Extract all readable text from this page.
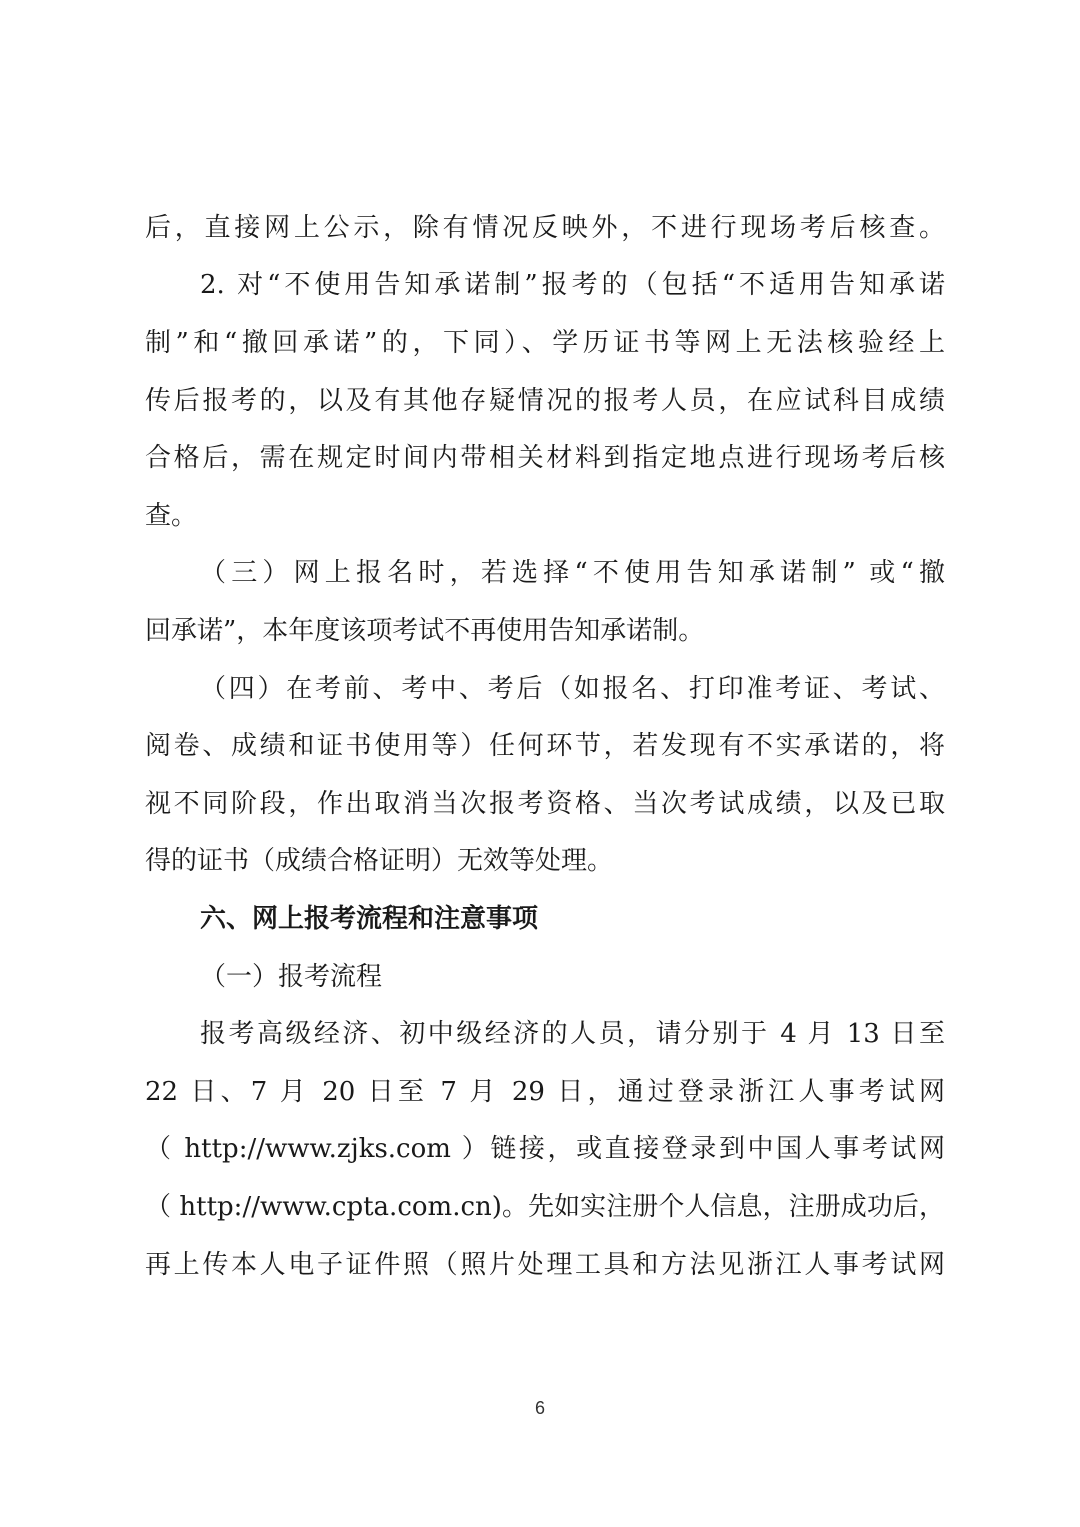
后，直接网上公示，除有情况反映外，不进行现场考后核查。
2. 对“不使用告知承诺制”报考的（包括“不适用告知承诺
制”和“撤回承诺”的，下同）、学历证书等网上无法核验经上
传后报考的，以及有其他存疑情况的报考人员，在应试科目成绩
合格后，需在规定时间内带相关材料到指定地点进行现场考后核
查。
（三）网上报名时，若选择“不使用告知承诺制” 或“撤
回承诺”，本年度该项考试不再使用告知承诺制。
（四）在考前、考中、考后（如报名、打印准考证、考试、
阅卷、成绩和证书使用等）任何环节，若发现有不实承诺的，将
视不同阶段，作出取消当次报考资格、当次考试成绩，以及已取
得的证书（成绩合格证明）无效等处理。
六、网上报考流程和注意事项
（一）报考流程
报考高级经济、初中级经济的人员，请分别于 4 月 13 日至
22 日、7 月 20 日至 7 月 29 日，通过登录浙江人事考试网
（ http://www.zjks.com ）链接，或直接登录到中国人事考试网
（ http://www.cpta.com.cn)。先如实注册个人信息，注册成功后，
再上传本人电子证件照（照片处理工具和方法见浙江人事考试网
6
